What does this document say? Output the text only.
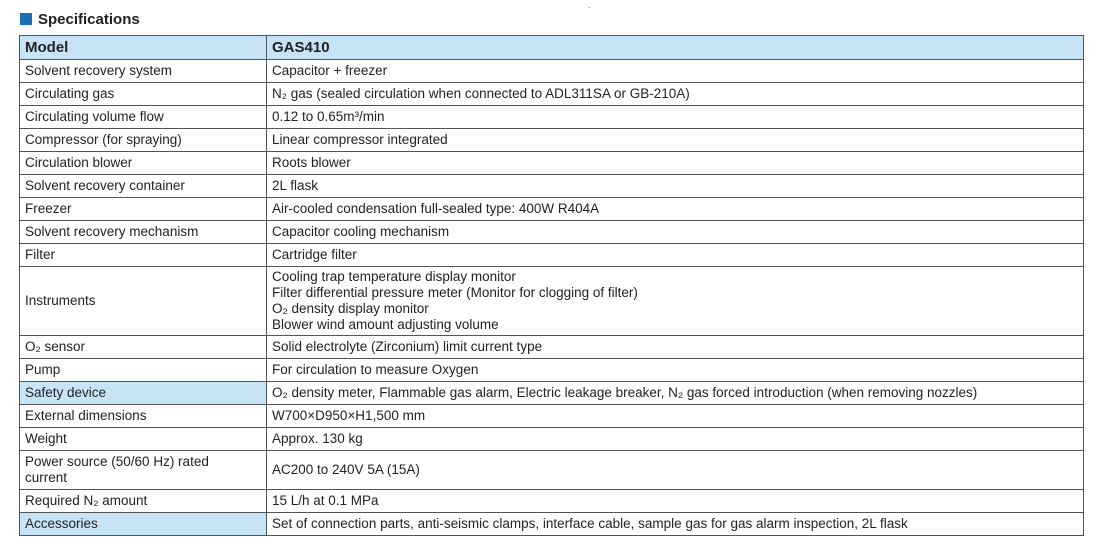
Specifications
.
Model	GAS410
Solvent recovery system	Capacitor + freezer
Circulating gas	N₂ gas (sealed circulation when connected to ADL311SA or GB-210A)
Circulating volume flow	0.12 to 0.65m³/min
Compressor (for spraying)	Linear compressor integrated
Circulation blower	Roots blower
Solvent recovery container	2L flask
Freezer	Air-cooled condensation full-sealed type: 400W R404A
Solvent recovery mechanism	Capacitor cooling mechanism
Filter	Cartridge filter
Instruments	Cooling trap temperature display monitor
Filter differential pressure meter (Monitor for clogging of filter)
O₂ density display monitor
Blower wind amount adjusting volume

O₂ sensor	Solid electrolyte (Zirconium) limit current type
Pump	For circulation to measure Oxygen
Safety device	O₂ density meter, Flammable gas alarm, Electric leakage breaker, N₂ gas forced introduction (when removing nozzles)
External dimensions	W700×D950×H1,500 mm
Weight	Approx. 130 kg

Power source (50/60 Hz) rated
current	AC200 to 240V 5A (15A)
Required N₂ amount	15 L/h at 0.1 MPa
Accessories	Set of connection parts, anti-seismic clamps, interface cable, sample gas for gas alarm inspection, 2L flask
